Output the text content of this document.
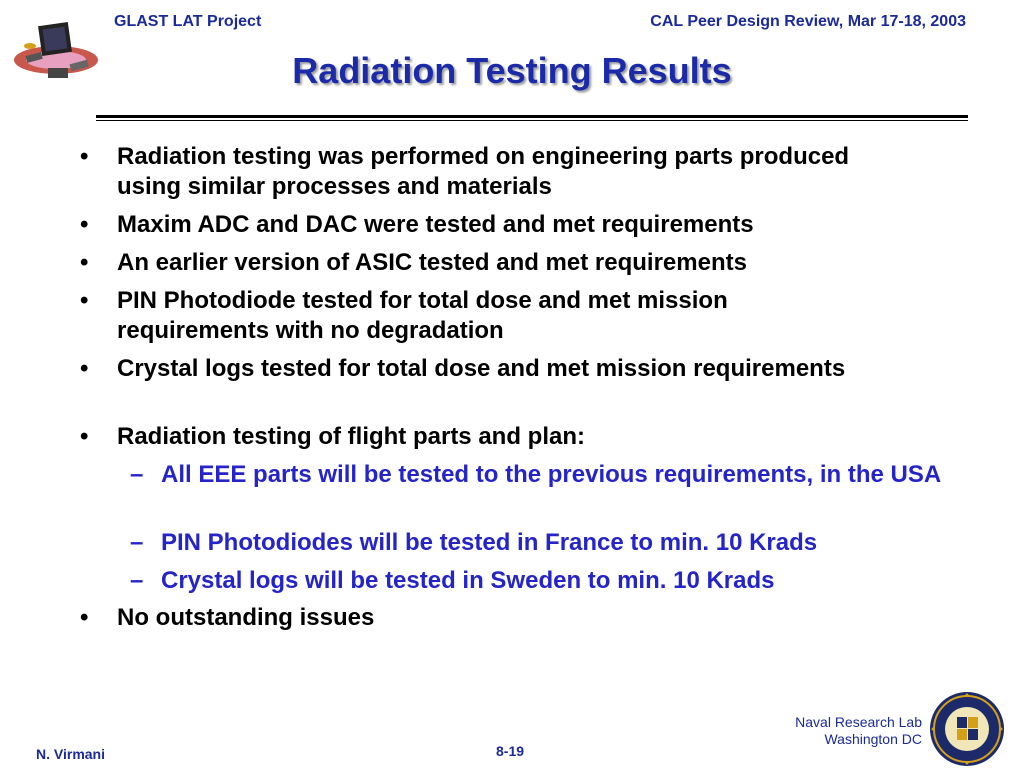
GLAST LAT Project	CAL Peer Design Review, Mar 17-18, 2003
Radiation Testing Results
• Radiation testing was performed on engineering parts produced using similar processes and materials
• Maxim ADC and DAC were tested and met requirements
• An earlier version of ASIC tested and met requirements
• PIN Photodiode tested for total dose and met mission requirements with no degradation
• Crystal logs tested for total dose and met mission requirements
• Radiation testing of flight parts and plan:
– All EEE parts will be tested to the previous requirements, in the USA
– PIN Photodiodes will be tested in France to min. 10 Krads
– Crystal logs will be tested in Sweden to min. 10 Krads
• No outstanding issues
N. Virmani	8-19
Naval Research Lab
Washington DC
